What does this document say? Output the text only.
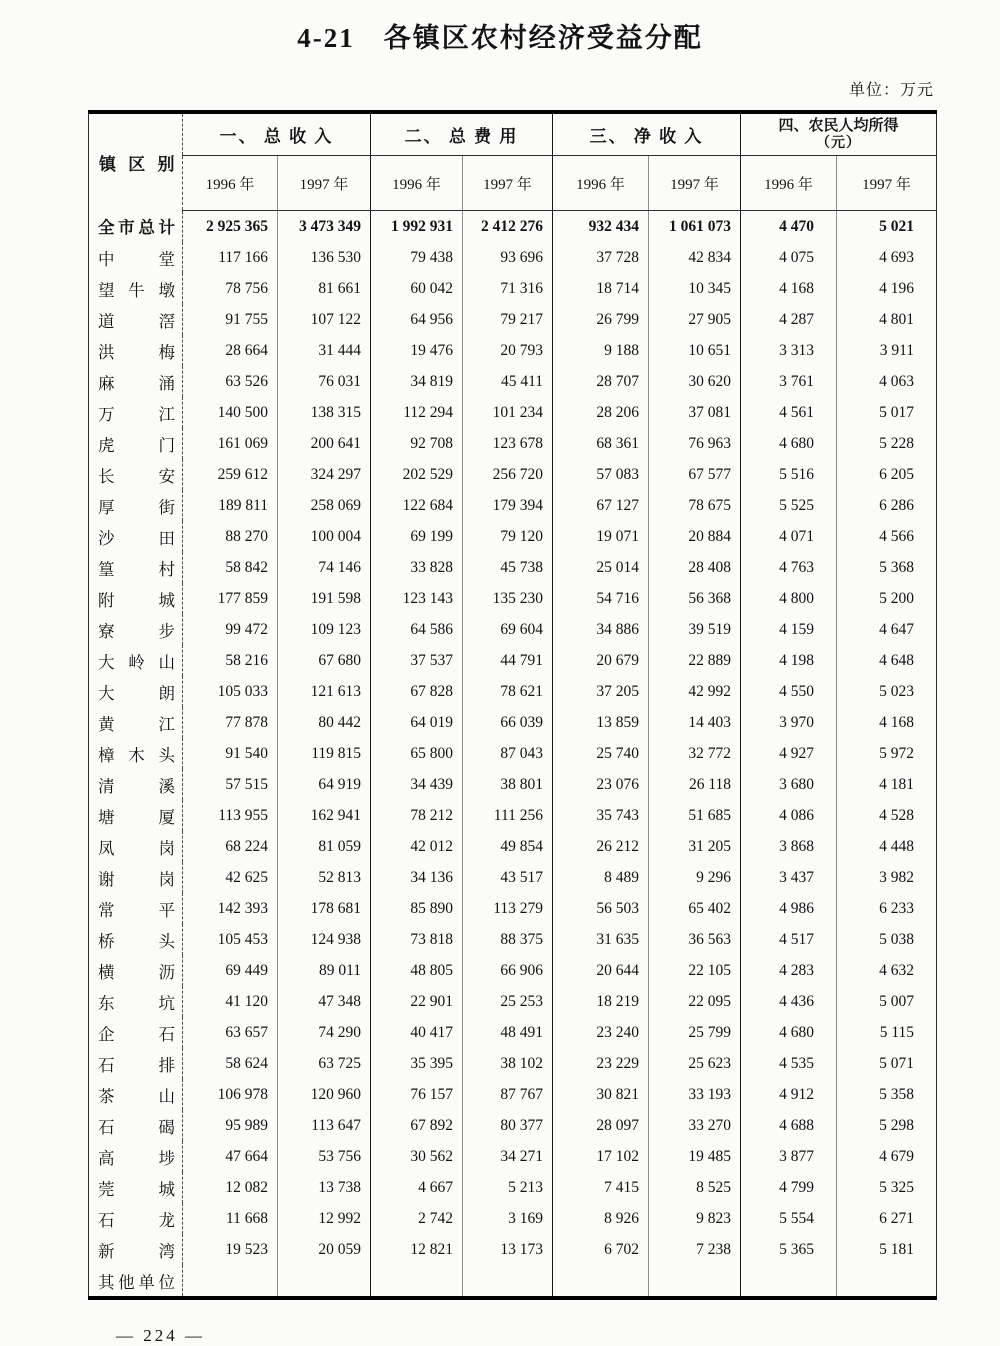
4-21　各镇区农村经济受益分配
单位：万元
镇 区 别	一、 总 收 入		二、 总 费 用		三、 净 收 入		四、农民人均所得
（元）	

	1996 年	1997 年	1996 年	1997 年	1996 年	1997 年	1996 年	1997 年

全 市 总 计	2 925 365	3 473 349	1 992 931	2 412 276	932 434	1 061 073	4 470	5 021

中 堂	117 166	136 530	79 438	93 696	37 728	42 834	4 075	4 693

望 牛 墩	78 756	81 661	60 042	71 316	18 714	10 345	4 168	4 196

道 滘	91 755	107 122	64 956	79 217	26 799	27 905	4 287	4 801

洪 梅	28 664	31 444	19 476	20 793	9 188	10 651	3 313	3 911

麻 涌	63 526	76 031	34 819	45 411	28 707	30 620	3 761	4 063

万 江	140 500	138 315	112 294	101 234	28 206	37 081	4 561	5 017

虎 门	161 069	200 641	92 708	123 678	68 361	76 963	4 680	5 228

长 安	259 612	324 297	202 529	256 720	57 083	67 577	5 516	6 205

厚 街	189 811	258 069	122 684	179 394	67 127	78 675	5 525	6 286

沙 田	88 270	100 004	69 199	79 120	19 071	20 884	4 071	4 566

篁 村	58 842	74 146	33 828	45 738	25 014	28 408	4 763	5 368

附 城	177 859	191 598	123 143	135 230	54 716	56 368	4 800	5 200

寮 步	99 472	109 123	64 586	69 604	34 886	39 519	4 159	4 647

大 岭 山	58 216	67 680	37 537	44 791	20 679	22 889	4 198	4 648

大 朗	105 033	121 613	67 828	78 621	37 205	42 992	4 550	5 023

黄 江	77 878	80 442	64 019	66 039	13 859	14 403	3 970	4 168

樟 木 头	91 540	119 815	65 800	87 043	25 740	32 772	4 927	5 972

清 溪	57 515	64 919	34 439	38 801	23 076	26 118	3 680	4 181

塘 厦	113 955	162 941	78 212	111 256	35 743	51 685	4 086	4 528

凤 岗	68 224	81 059	42 012	49 854	26 212	31 205	3 868	4 448

谢 岗	42 625	52 813	34 136	43 517	8 489	9 296	3 437	3 982

常 平	142 393	178 681	85 890	113 279	56 503	65 402	4 986	6 233

桥 头	105 453	124 938	73 818	88 375	31 635	36 563	4 517	5 038

横 沥	69 449	89 011	48 805	66 906	20 644	22 105	4 283	4 632

东 坑	41 120	47 348	22 901	25 253	18 219	22 095	4 436	5 007

企 石	63 657	74 290	40 417	48 491	23 240	25 799	4 680	5 115

石 排	58 624	63 725	35 395	38 102	23 229	25 623	4 535	5 071

茶 山	106 978	120 960	76 157	87 767	30 821	33 193	4 912	5 358

石 碣	95 989	113 647	67 892	80 377	28 097	33 270	4 688	5 298

高 埗	47 664	53 756	30 562	34 271	17 102	19 485	3 877	4 679

莞 城	12 082	13 738	4 667	5 213	7 415	8 525	4 799	5 325

石 龙	11 668	12 992	2 742	3 169	8 926	9 823	5 554	6 271

新 湾	19 523	20 059	12 821	13 173	6 702	7 238	5 365	5 181

其 他 单 位								

— 224 —
